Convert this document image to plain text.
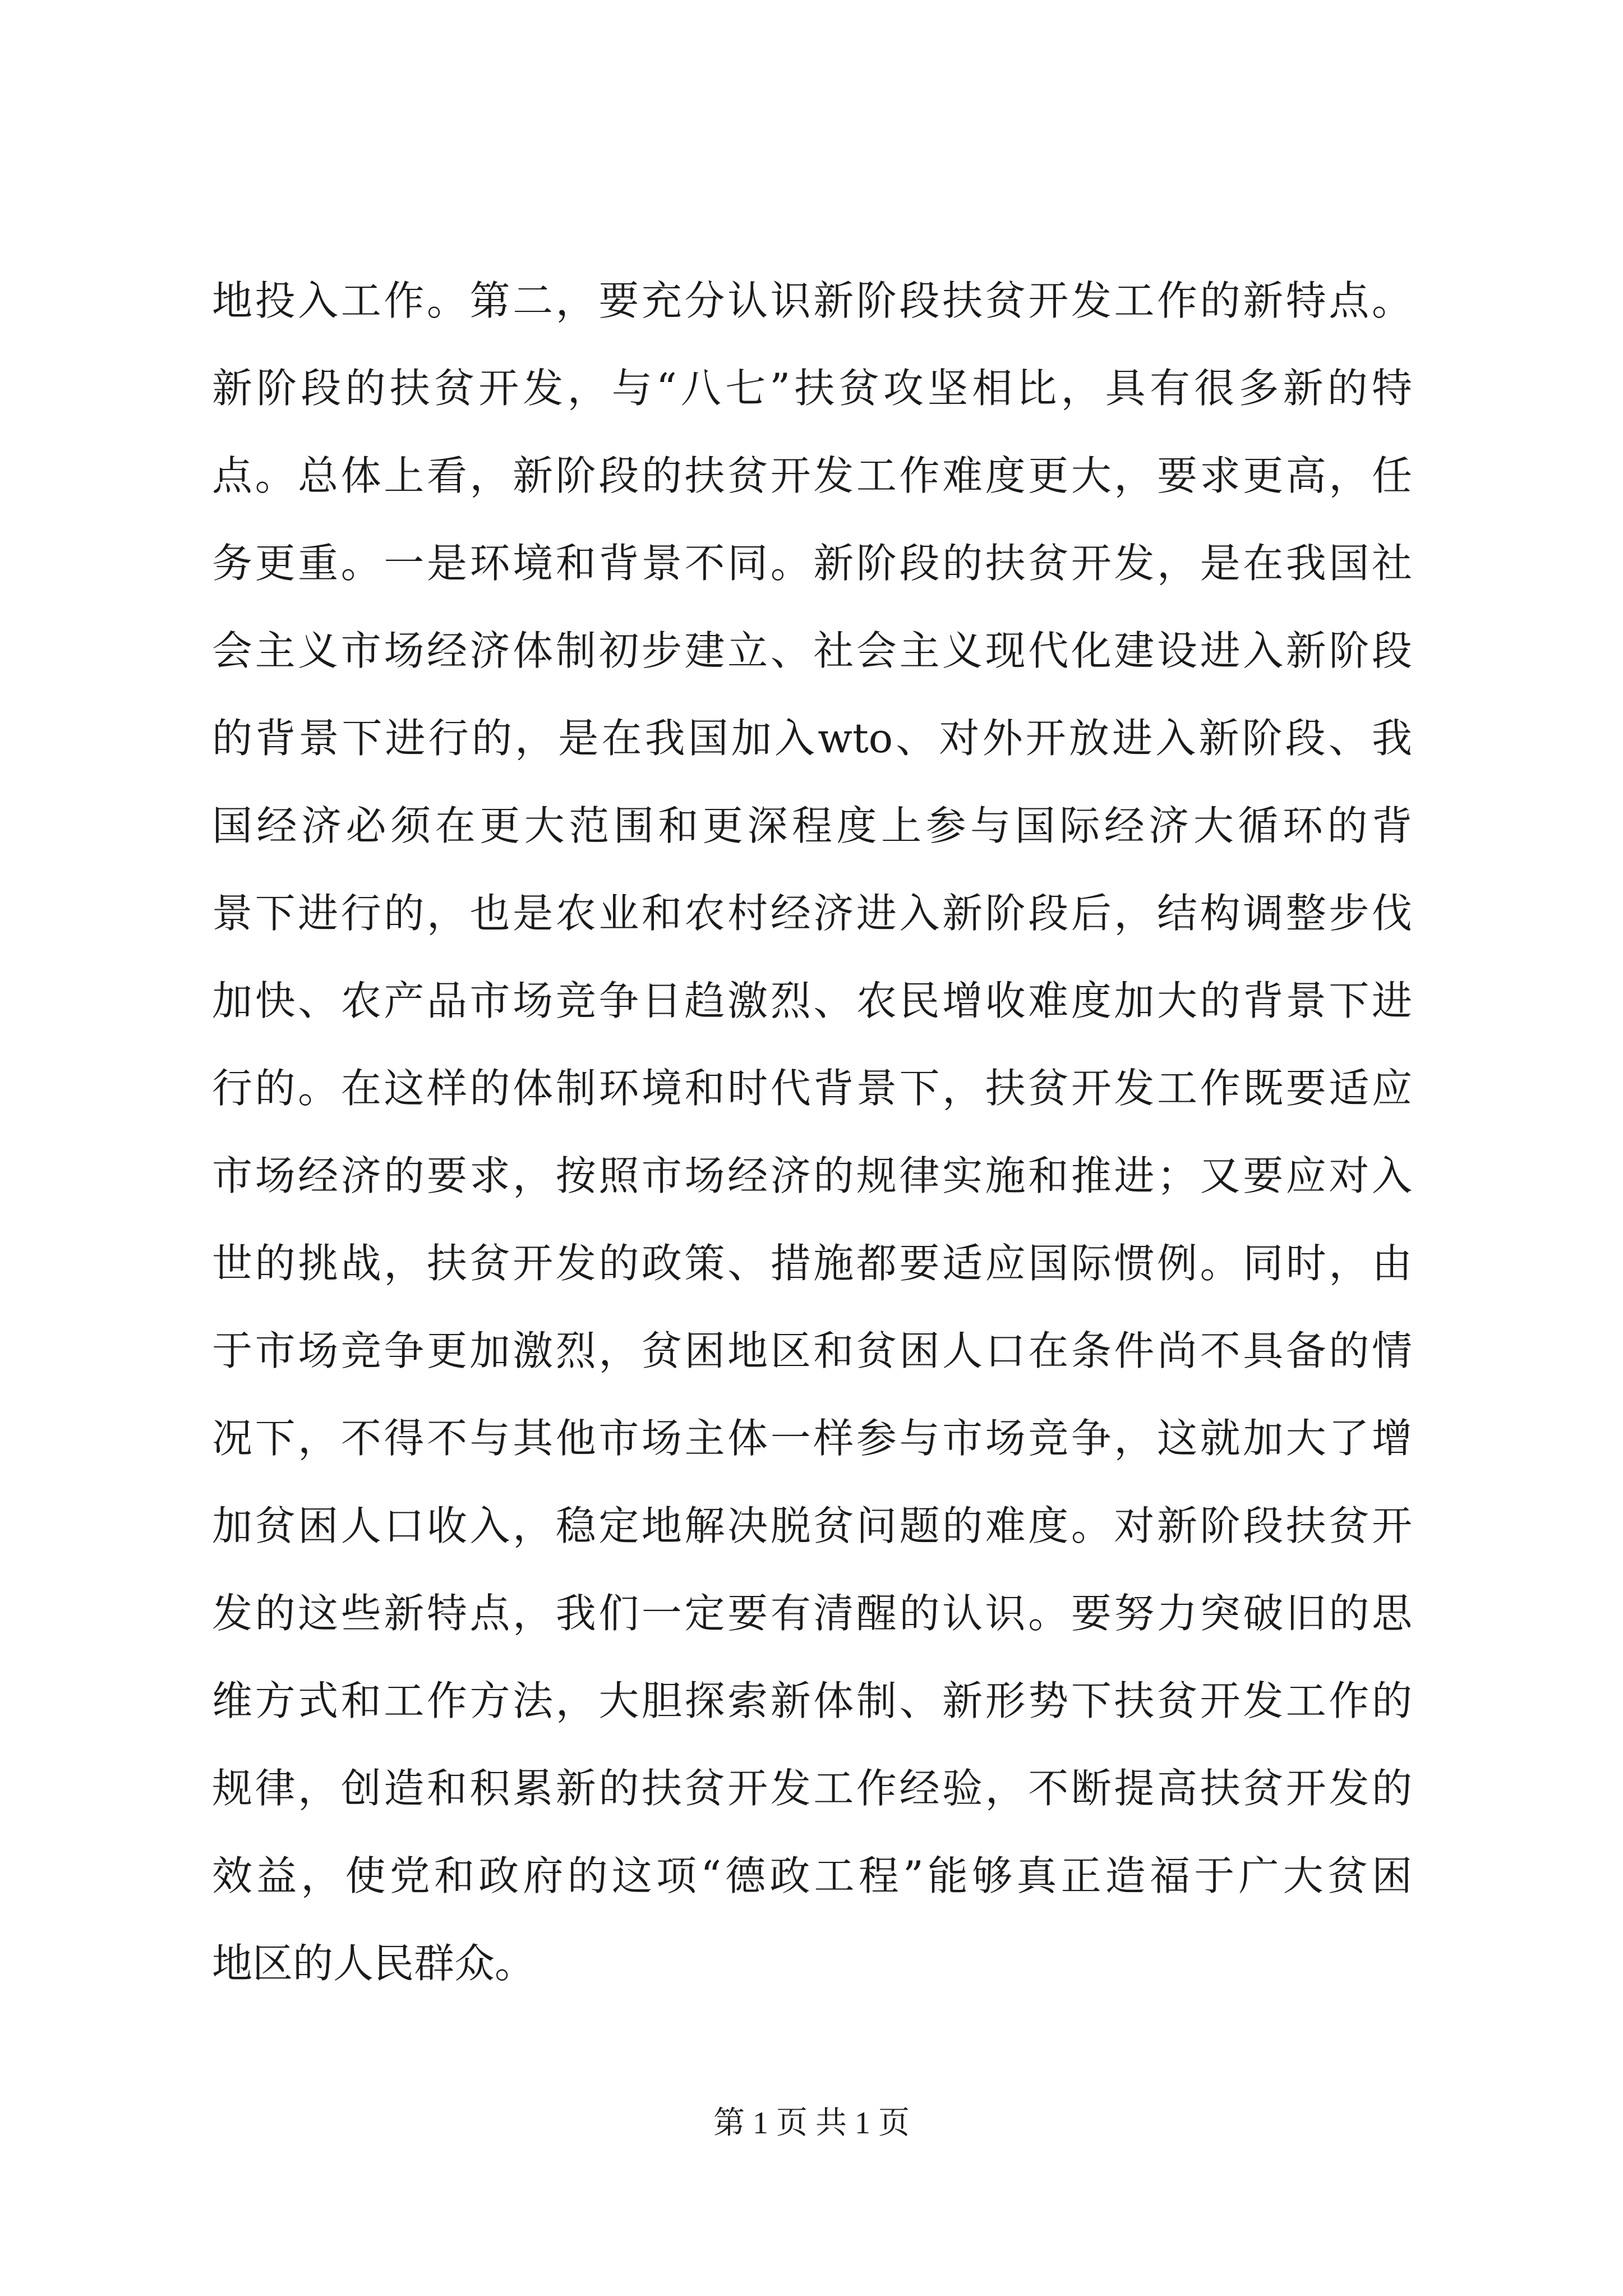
地投入工作。第二，要充分认识新阶段扶贫开发工作的新特点。
新阶段的扶贫开发，与“八七”扶贫攻坚相比，具有很多新的特
点。总体上看，新阶段的扶贫开发工作难度更大，要求更高，任
务更重。一是环境和背景不同。新阶段的扶贫开发，是在我国社
会主义市场经济体制初步建立、社会主义现代化建设进入新阶段
的背景下进行的，是在我国加入wto、对外开放进入新阶段、我
国经济必须在更大范围和更深程度上参与国际经济大循环的背
景下进行的，也是农业和农村经济进入新阶段后，结构调整步伐
加快、农产品市场竞争日趋激烈、农民增收难度加大的背景下进
行的。在这样的体制环境和时代背景下，扶贫开发工作既要适应
市场经济的要求，按照市场经济的规律实施和推进；又要应对入
世的挑战，扶贫开发的政策、措施都要适应国际惯例。同时，由
于市场竞争更加激烈，贫困地区和贫困人口在条件尚不具备的情
况下，不得不与其他市场主体一样参与市场竞争，这就加大了增
加贫困人口收入，稳定地解决脱贫问题的难度。对新阶段扶贫开
发的这些新特点，我们一定要有清醒的认识。要努力突破旧的思
维方式和工作方法，大胆探索新体制、新形势下扶贫开发工作的
规律，创造和积累新的扶贫开发工作经验，不断提高扶贫开发的
效益，使党和政府的这项“德政工程”能够真正造福于广大贫困
地区的人民群众。
第 1 页 共 1 页
